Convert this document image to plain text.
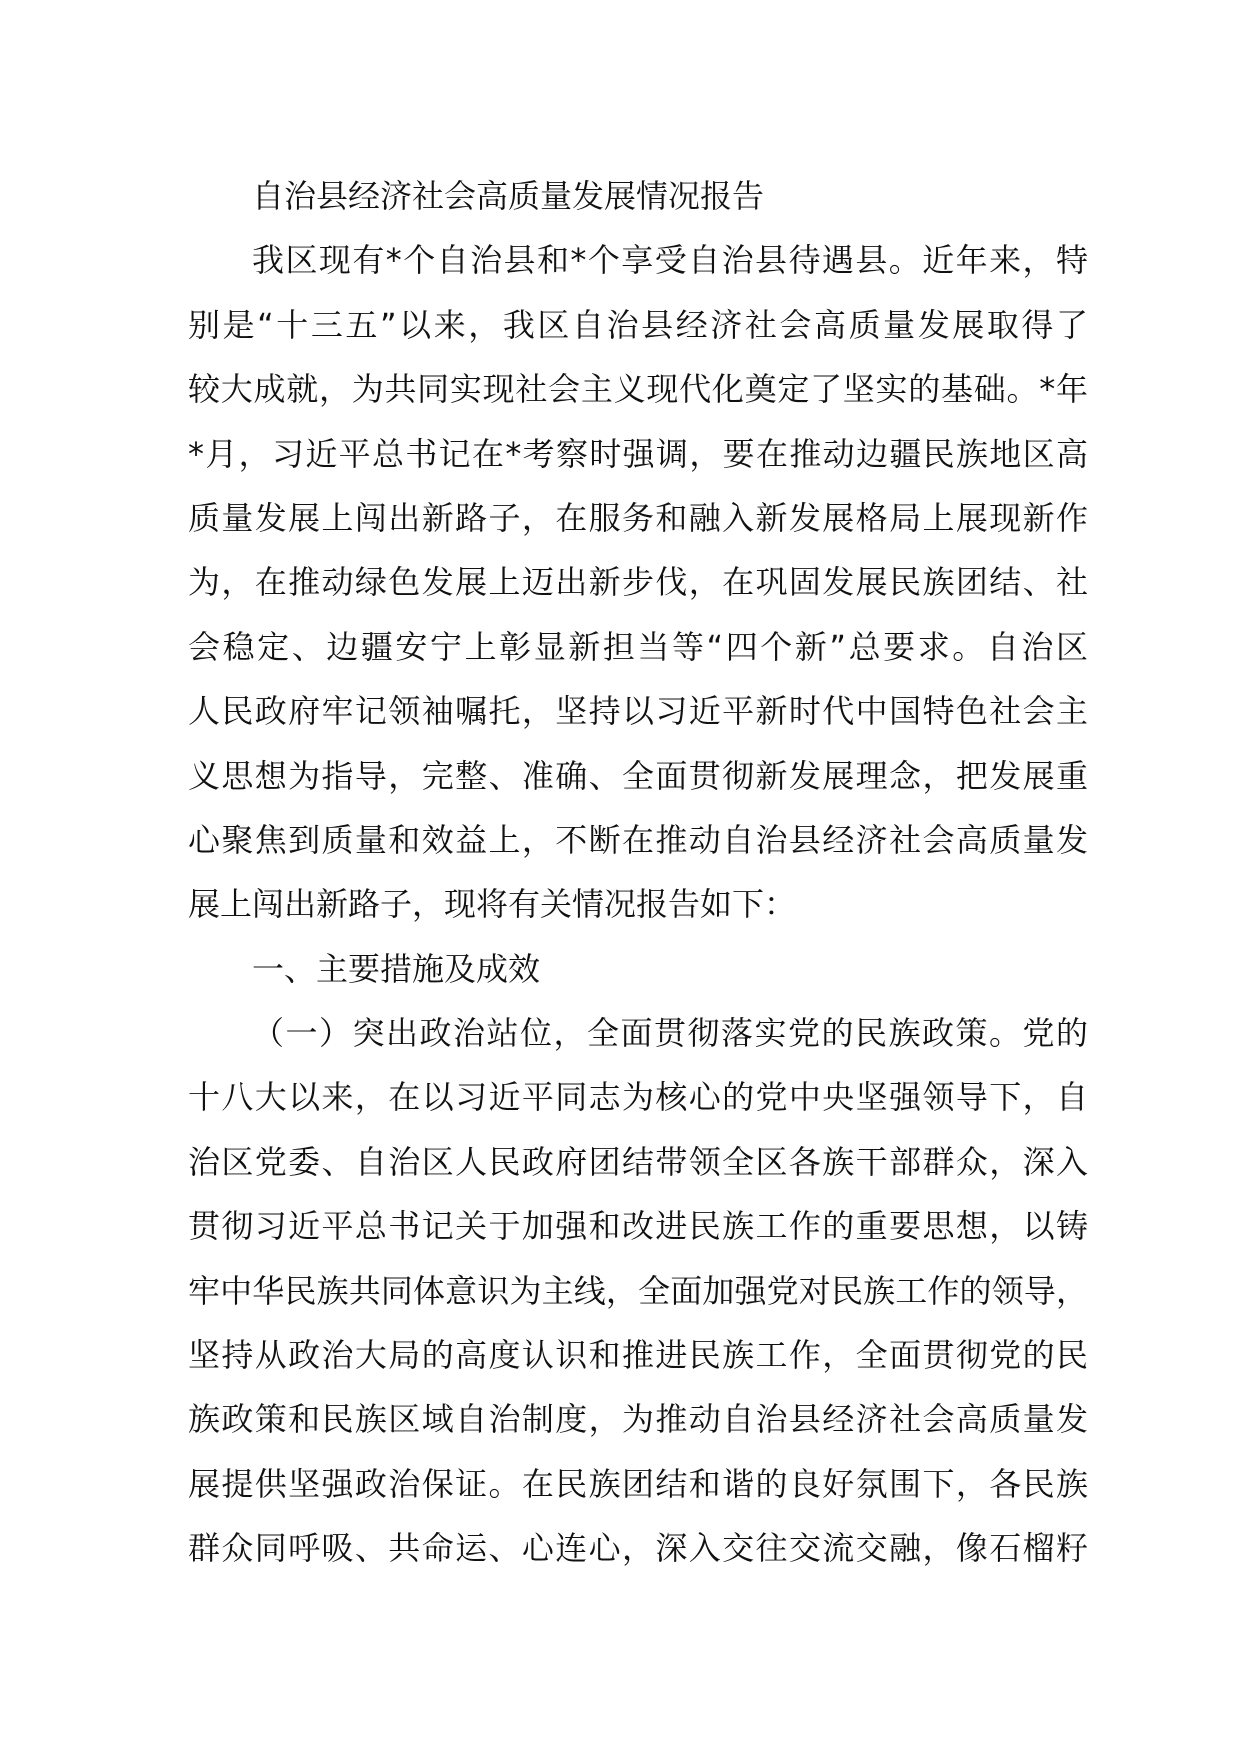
自治县经济社会高质量发展情况报告
我区现有*个自治县和*个享受自治县待遇县。近年来，特
别是“十三五”以来，我区自治县经济社会高质量发展取得了
较大成就，为共同实现社会主义现代化奠定了坚实的基础。*年
*月，习近平总书记在*考察时强调，要在推动边疆民族地区高
质量发展上闯出新路子，在服务和融入新发展格局上展现新作
为，在推动绿色发展上迈出新步伐，在巩固发展民族团结、社
会稳定、边疆安宁上彰显新担当等“四个新”总要求。自治区
人民政府牢记领袖嘱托，坚持以习近平新时代中国特色社会主
义思想为指导，完整、准确、全面贯彻新发展理念，把发展重
心聚焦到质量和效益上，不断在推动自治县经济社会高质量发
展上闯出新路子，现将有关情况报告如下：
一、主要措施及成效
（一）突出政治站位，全面贯彻落实党的民族政策。党的
十八大以来，在以习近平同志为核心的党中央坚强领导下，自
治区党委、自治区人民政府团结带领全区各族干部群众，深入
贯彻习近平总书记关于加强和改进民族工作的重要思想，以铸
牢中华民族共同体意识为主线，全面加强党对民族工作的领导，
坚持从政治大局的高度认识和推进民族工作，全面贯彻党的民
族政策和民族区域自治制度，为推动自治县经济社会高质量发
展提供坚强政治保证。在民族团结和谐的良好氛围下，各民族
群众同呼吸、共命运、心连心，深入交往交流交融，像石榴籽
